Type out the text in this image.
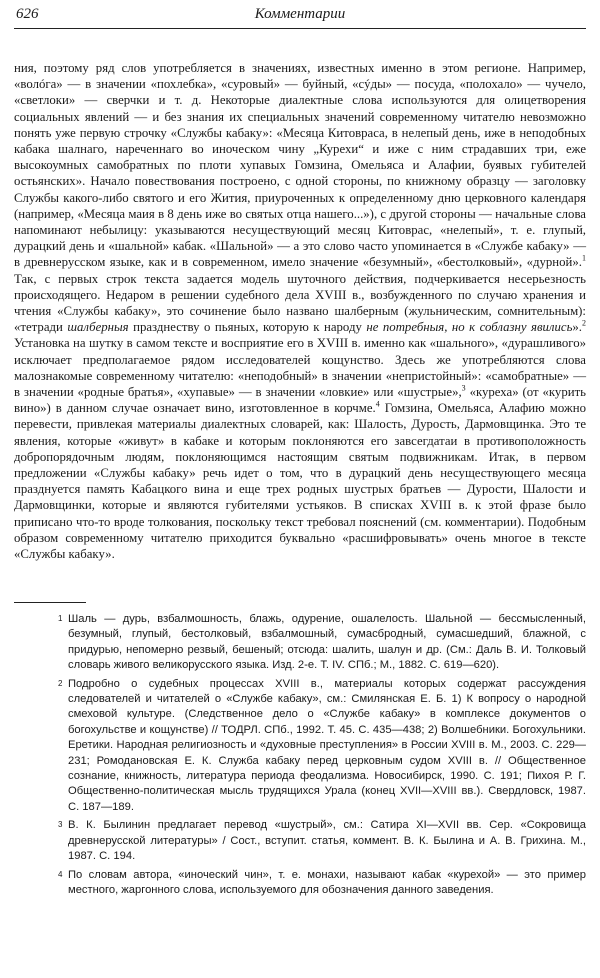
626	Комментарии

ния, поэтому ряд слов употребляется в значениях, известных именно в этом регионе. Например, «волóга» — в значении «похлебка», «суровый» — буйный, «сýды» — посуда, «полохало» — чучело, «светлоки» — сверчки и т. д. Некоторые диалектные слова используются для олицетворения социальных явлений — и без знания их специальных значений современному читателю невозможно понять уже первую строчку «Службы кабаку»: «Месяца Китовраса, в нелепый день, иже в неподобных кабака шалнаго, нареченнаго во иноческом чину „Курехи“ и иже с ним страдавших три, еже высокоумных самобратных по плоти хупавых Гомзина, Омельяса и Алафии, буявых губителей остьянских». Начало повествования построено, с одной стороны, по книжному образцу — заголовку Службы какого-либо святого и его Жития, приуроченных к определенному дню церковного календаря (например, «Месяца маия в 8 день иже во святых отца нашего...»), с другой стороны — начальные слова напоминают небылицу: указываются несуществующий месяц Китоврас, «нелепый», т. е. глупый, дурацкий день и «шальной» кабак. «Шальной» — а это слово часто упоминается в «Службе кабаку» — в древнерусском языке, как и в современном, имело значение «безумный», «бестолковый», «дурной».$^1$ Так, с первых строк текста задается модель шуточного действия, подчеркивается несерьезность происходящего. Недаром в решении судебного дела XVIII в., возбужденного по случаю хранения и чтения «Службы кабаку», это сочинение было названо шалберным (жульническим, сомнительным): «тетради шалберныя празднеству о пьяных, которую к народу не потребныя, но к соблазну явились».$^2$ Установка на шутку в самом тексте и восприятие его в XVIII в. именно как «шального», «дурашливого» исключает предполагаемое рядом исследователей кощунство. Здесь же употребляются слова малознакомые современному читателю: «неподобный» в значении «непристойный»: «самобратные» — в значении «родные братья», «хупавые» — в значении «ловкие» или «шустрые»,$^3$ «куреха» (от «курить вино») в данном случае означает вино, изготовленное в корчме.$^4$ Гомзина, Омельяса, Алафию можно перевести, привлекая материалы диалектных словарей, как: Шалость, Дурость, Дармовщинка. Это те явления, которые «живут» в кабаке и которым поклоняются его завсегдатаи в противоположность добропорядочным людям, поклоняющимся настоящим святым подвижникам. Итак, в первом предложении «Службы кабаку» речь идет о том, что в дурацкий день несуществующего месяца празднуется память Кабацкого вина и еще трех родных шустрых братьев — Дурости, Шалости и Дармовщинки, которые и являются губителями устьяков. В списках XVIII в. к этой фразе было приписано что-то вроде толкования, поскольку текст требовал пояснений (см. комментарии). Подобным образом современному читателю приходится буквально «расшифровывать» очень многое в тексте «Службы кабаку».

1 Шаль — дурь, взбалмошность, блажь, одурение, ошалелость. Шальной — бессмысленный, безумный, глупый, бестолковый, взбалмошный, сумасбродный, сумасшедший, блажной, с придурью, непомерно резвый, бешеный; отсюда: шалить, шалун и др. (См.: Даль В. И. Толковый словарь живого великорусского языка. Изд. 2-е. Т. IV. СПб.; М., 1882. С. 619—620).
2 Подробно о судебных процессах XVIII в., материалы которых содержат рассуждения следователей и читателей о «Службе кабаку», см.: Смилянская Е. Б. 1) К вопросу о народной смеховой культуре. (Следственное дело о «Службе кабаку» в комплексе документов о богохульстве и кощунстве) // ТОДРЛ. СПб., 1992. Т. 45. С. 435—438; 2) Волшебники. Богохульники. Еретики. Народная религиозность и «духовные преступления» в России XVIII в. М., 2003. С. 229—231; Ромодановская Е. К. Служба кабаку перед церковным судом XVIII в. // Общественное сознание, книжность, литература периода феодализма. Новосибирск, 1990. С. 191; Пихоя Р. Г. Общественно-политическая мысль трудящихся Урала (конец XVII—XVIII вв.). Свердловск, 1987. С. 187—189.
3 В. К. Былинин предлагает перевод «шустрый», см.: Сатира XI—XVII вв. Сер. «Сокровища древнерусской литературы» / Сост., вступит. статья, коммент. В. К. Былина и А. В. Грихина. М., 1987. С. 194.
4 По словам автора, «иноческий чин», т. е. монахи, называют кабак «курехой» — это пример местного, жаргонного слова, используемого для обозначения данного заведения.
